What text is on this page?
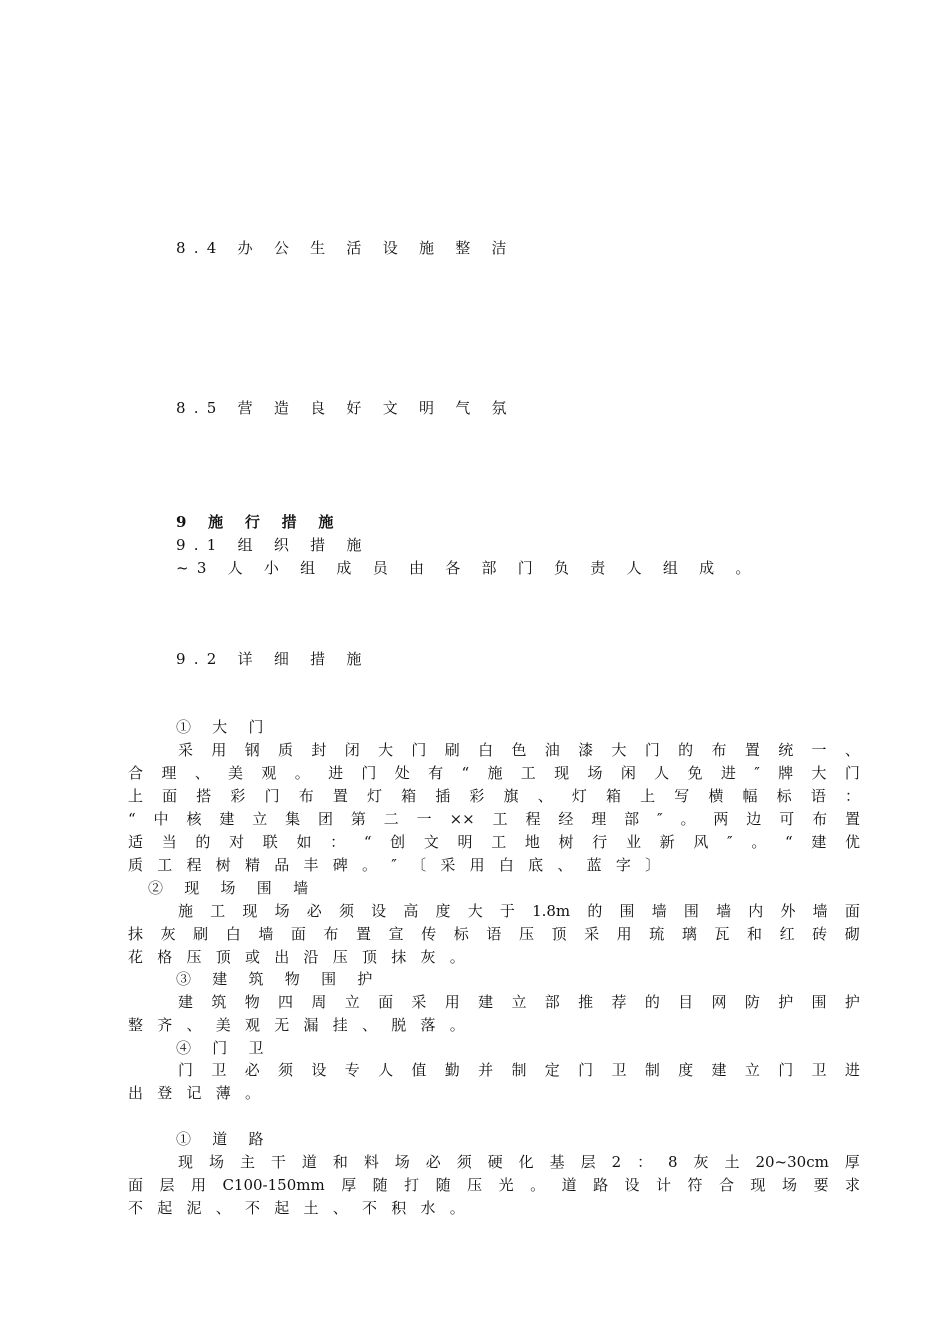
8.4 办 公 生 活 设 施 整 洁
8.5 营 造 良 好 文 明 气 氛
9 施 行 措 施
9.1 组 织 措 施
~3 人 小 组 成 员 由 各 部 门 负 责 人 组 成 。
9.2 详 细 措 施
① 大 门
采 用 钢 质 封 闭 大 门 刷 白 色 油 漆 大 门 的 布 置 统 一 、
合 理 、 美 观 。 进 门 处 有 “ 施 工 现 场 闲 人 免 进 ″ 牌 大 门
上 面 搭 彩 门 布 置 灯 箱 插 彩 旗 、 灯 箱 上 写 横 幅 标 语 ：
“ 中 核 建 立 集 团 第 二 一 ×× 工 程 经 理 部 ″ 。 两 边 可 布 置
适 当 的 对 联 如 ： “ 创 文 明 工 地 树 行 业 新 风 ″ 。 “ 建 优
质工程树精品丰碑。″〔采用白底、蓝字〕
② 现 场 围 墙
施 工 现 场 必 须 设 高 度 大 于 1.8m 的 围 墙 围 墙 内 外 墙 面
抹 灰 刷 白 墙 面 布 置 宣 传 标 语 压 顶 采 用 琉 璃 瓦 和 红 砖 砌
花格压顶或出沿压顶抹灰。
③ 建 筑 物 围 护
建 筑 物 四 周 立 面 采 用 建 立 部 推 荐 的 目 网 防 护 围 护
整齐、美观无漏挂、脱落。
④ 门 卫
门 卫 必 须 设 专 人 值 勤 并 制 定 门 卫 制 度 建 立 门 卫 进
出登记薄。
① 道 路
现 场 主 干 道 和 料 场 必 须 硬 化 基 层 2 ： 8 灰 土 20~30cm 厚
面 层 用 C100-150mm 厚 随 打 随 压 光 。 道 路 设 计 符 合 现 场 要 求
不起泥、不起土、不积水。
